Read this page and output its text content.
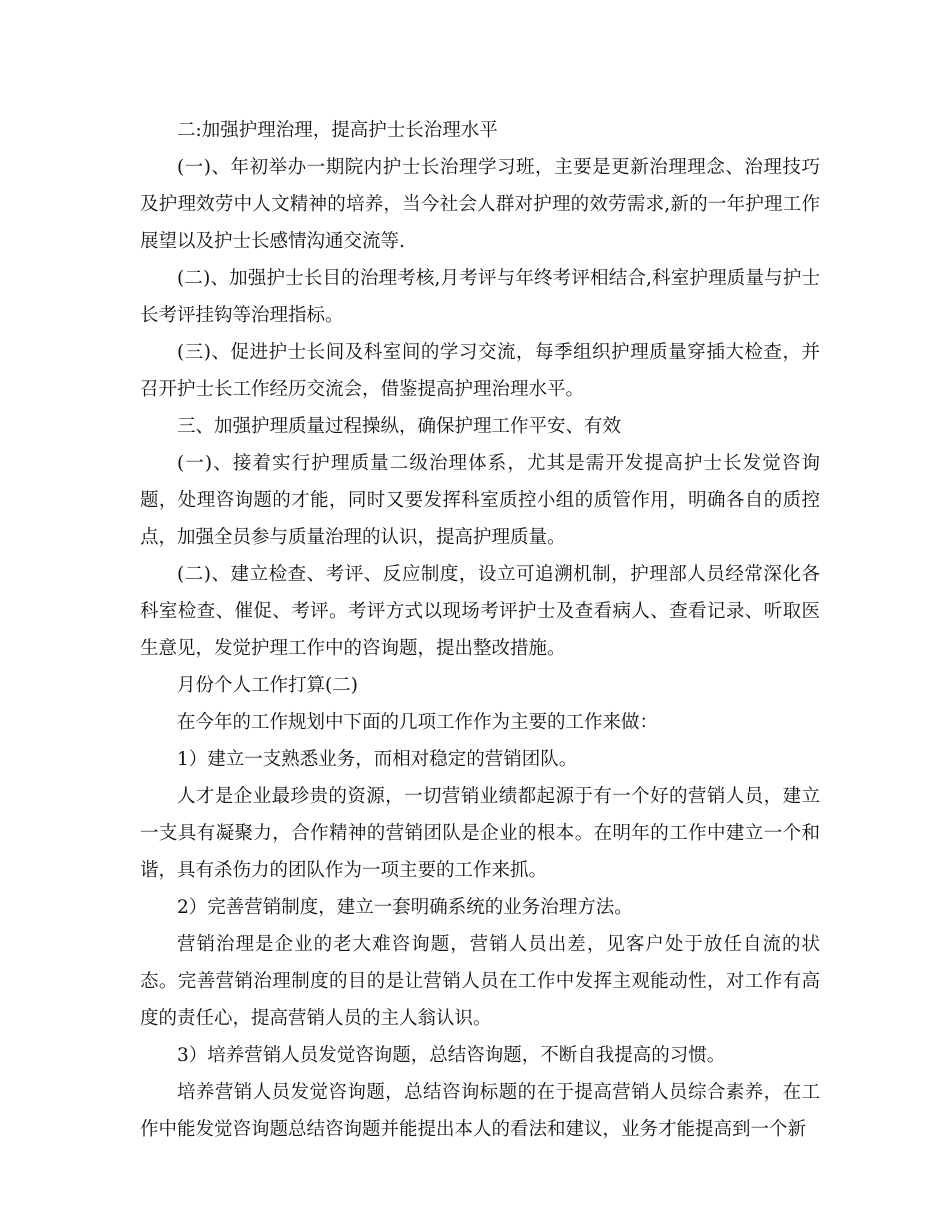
二:加强护理治理，提高护士长治理水平

(一)、年初举办一期院内护士长治理学习班，主要是更新治理理念、治理技巧及护理效劳中人文精神的培养，当今社会人群对护理的效劳需求,新的一年护理工作展望以及护士长感情沟通交流等.

(二)、加强护士长目的治理考核,月考评与年终考评相结合,科室护理质量与护士长考评挂钩等治理指标。

(三)、促进护士长间及科室间的学习交流，每季组织护理质量穿插大检查，并召开护士长工作经历交流会，借鉴提高护理治理水平。

三、加强护理质量过程操纵，确保护理工作平安、有效

(一)、接着实行护理质量二级治理体系，尤其是需开发提高护士长发觉咨询题，处理咨询题的才能，同时又要发挥科室质控小组的质管作用，明确各自的质控点，加强全员参与质量治理的认识，提高护理质量。

(二)、建立检查、考评、反应制度，设立可追溯机制，护理部人员经常深化各科室检查、催促、考评。考评方式以现场考评护士及查看病人、查看记录、听取医生意见，发觉护理工作中的咨询题，提出整改措施。

月份个人工作打算(二)

在今年的工作规划中下面的几项工作作为主要的工作来做：

1）建立一支熟悉业务，而相对稳定的营销团队。

人才是企业最珍贵的资源，一切营销业绩都起源于有一个好的营销人员，建立一支具有凝聚力，合作精神的营销团队是企业的根本。在明年的工作中建立一个和谐，具有杀伤力的团队作为一项主要的工作来抓。

2）完善营销制度，建立一套明确系统的业务治理方法。

营销治理是企业的老大难咨询题，营销人员出差，见客户处于放任自流的状态。完善营销治理制度的目的是让营销人员在工作中发挥主观能动性，对工作有高度的责任心，提高营销人员的主人翁认识。

3）培养营销人员发觉咨询题，总结咨询题，不断自我提高的习惯。

培养营销人员发觉咨询题，总结咨询标题的在于提高营销人员综合素养，在工作中能发觉咨询题总结咨询题并能提出本人的看法和建议，业务才能提高到一个新
